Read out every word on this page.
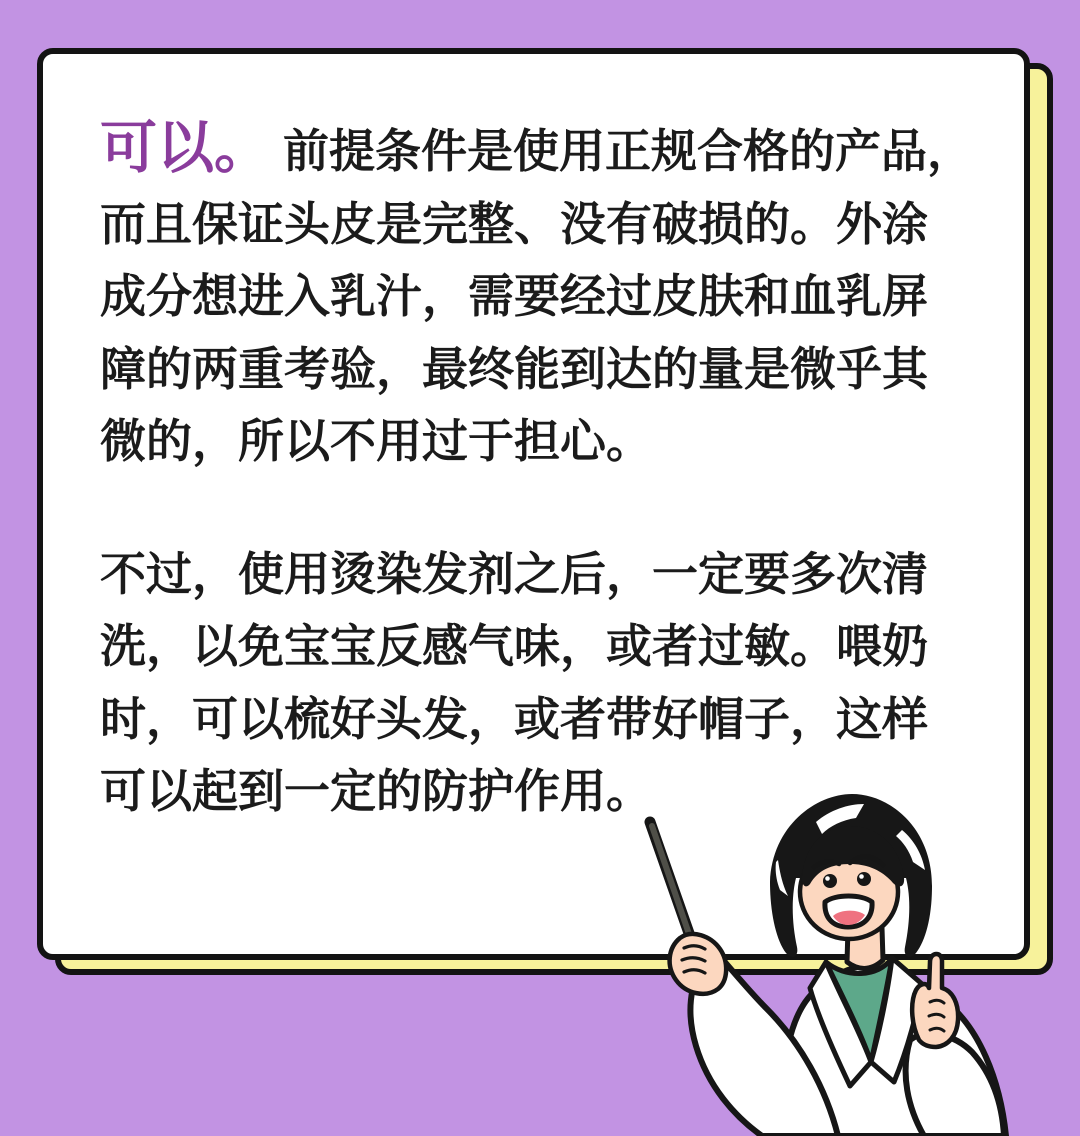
可以。 前提条件是使用正规合格的产品，
而且保证头皮是完整、没有破损的。外涂
成分想进入乳汁，需要经过皮肤和血乳屏
障的两重考验，最终能到达的量是微乎其
微的，所以不用过于担心。
不过，使用烫染发剂之后，一定要多次清
洗，以免宝宝反感气味，或者过敏。喂奶
时，可以梳好头发，或者带好帽子，这样
可以起到一定的防护作用。
